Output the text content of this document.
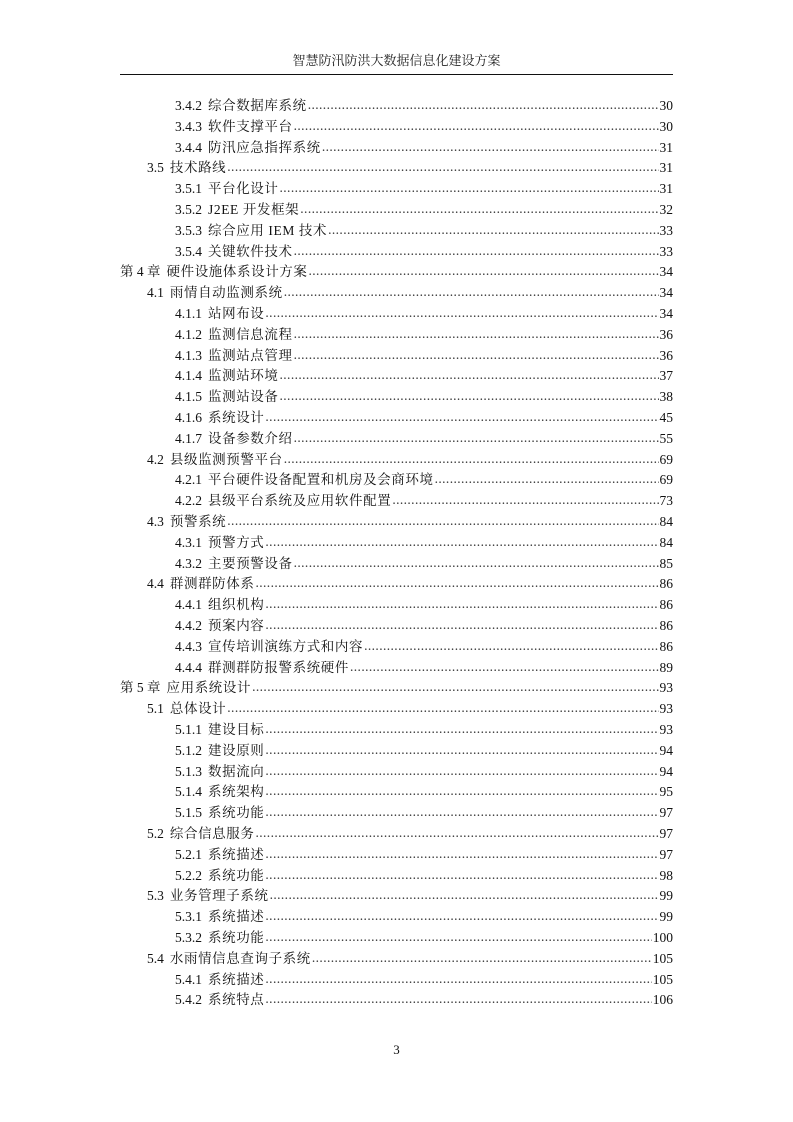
智慧防汛防洪大数据信息化建设方案
3.4.2 综合数据库系统 .....	30
3.4.3 软件支撑平台 .....	30
3.4.4 防汛应急指挥系统 .....	31
3.5 技术路线 .....	31
3.5.1 平台化设计 .....	31
3.5.2 J2EE 开发框架 .....	32
3.5.3 综合应用 IEM 技术 .....	33
3.5.4 关键软件技术 .....	33
第 4 章 硬件设施体系设计方案 .....	34
4.1 雨情自动监测系统 .....	34
4.1.1 站网布设 .....	34
4.1.2 监测信息流程 .....	36
4.1.3 监测站点管理 .....	36
4.1.4 监测站环境 .....	37
4.1.5 监测站设备 .....	38
4.1.6 系统设计 .....	45
4.1.7 设备参数介绍 .....	55
4.2 县级监测预警平台 .....	69
4.2.1 平台硬件设备配置和机房及会商环境 .....	69
4.2.2 县级平台系统及应用软件配置 .....	73
4.3 预警系统 .....	84
4.3.1 预警方式 .....	84
4.3.2 主要预警设备 .....	85
4.4 群测群防体系 .....	86
4.4.1 组织机构 .....	86
4.4.2 预案内容 .....	86
4.4.3 宣传培训演练方式和内容 .....	86
4.4.4 群测群防报警系统硬件 .....	89
第 5 章 应用系统设计 .....	93
5.1 总体设计 .....	93
5.1.1 建设目标 .....	93
5.1.2 建设原则 .....	94
5.1.3 数据流向 .....	94
5.1.4 系统架构 .....	95
5.1.5 系统功能 .....	97
5.2 综合信息服务 .....	97
5.2.1 系统描述 .....	97
5.2.2 系统功能 .....	98
5.3 业务管理子系统 .....	99
5.3.1 系统描述 .....	99
5.3.2 系统功能 .....	100
5.4 水雨情信息查询子系统 .....	105
5.4.1 系统描述 .....	105
5.4.2 系统特点 .....	106
3
